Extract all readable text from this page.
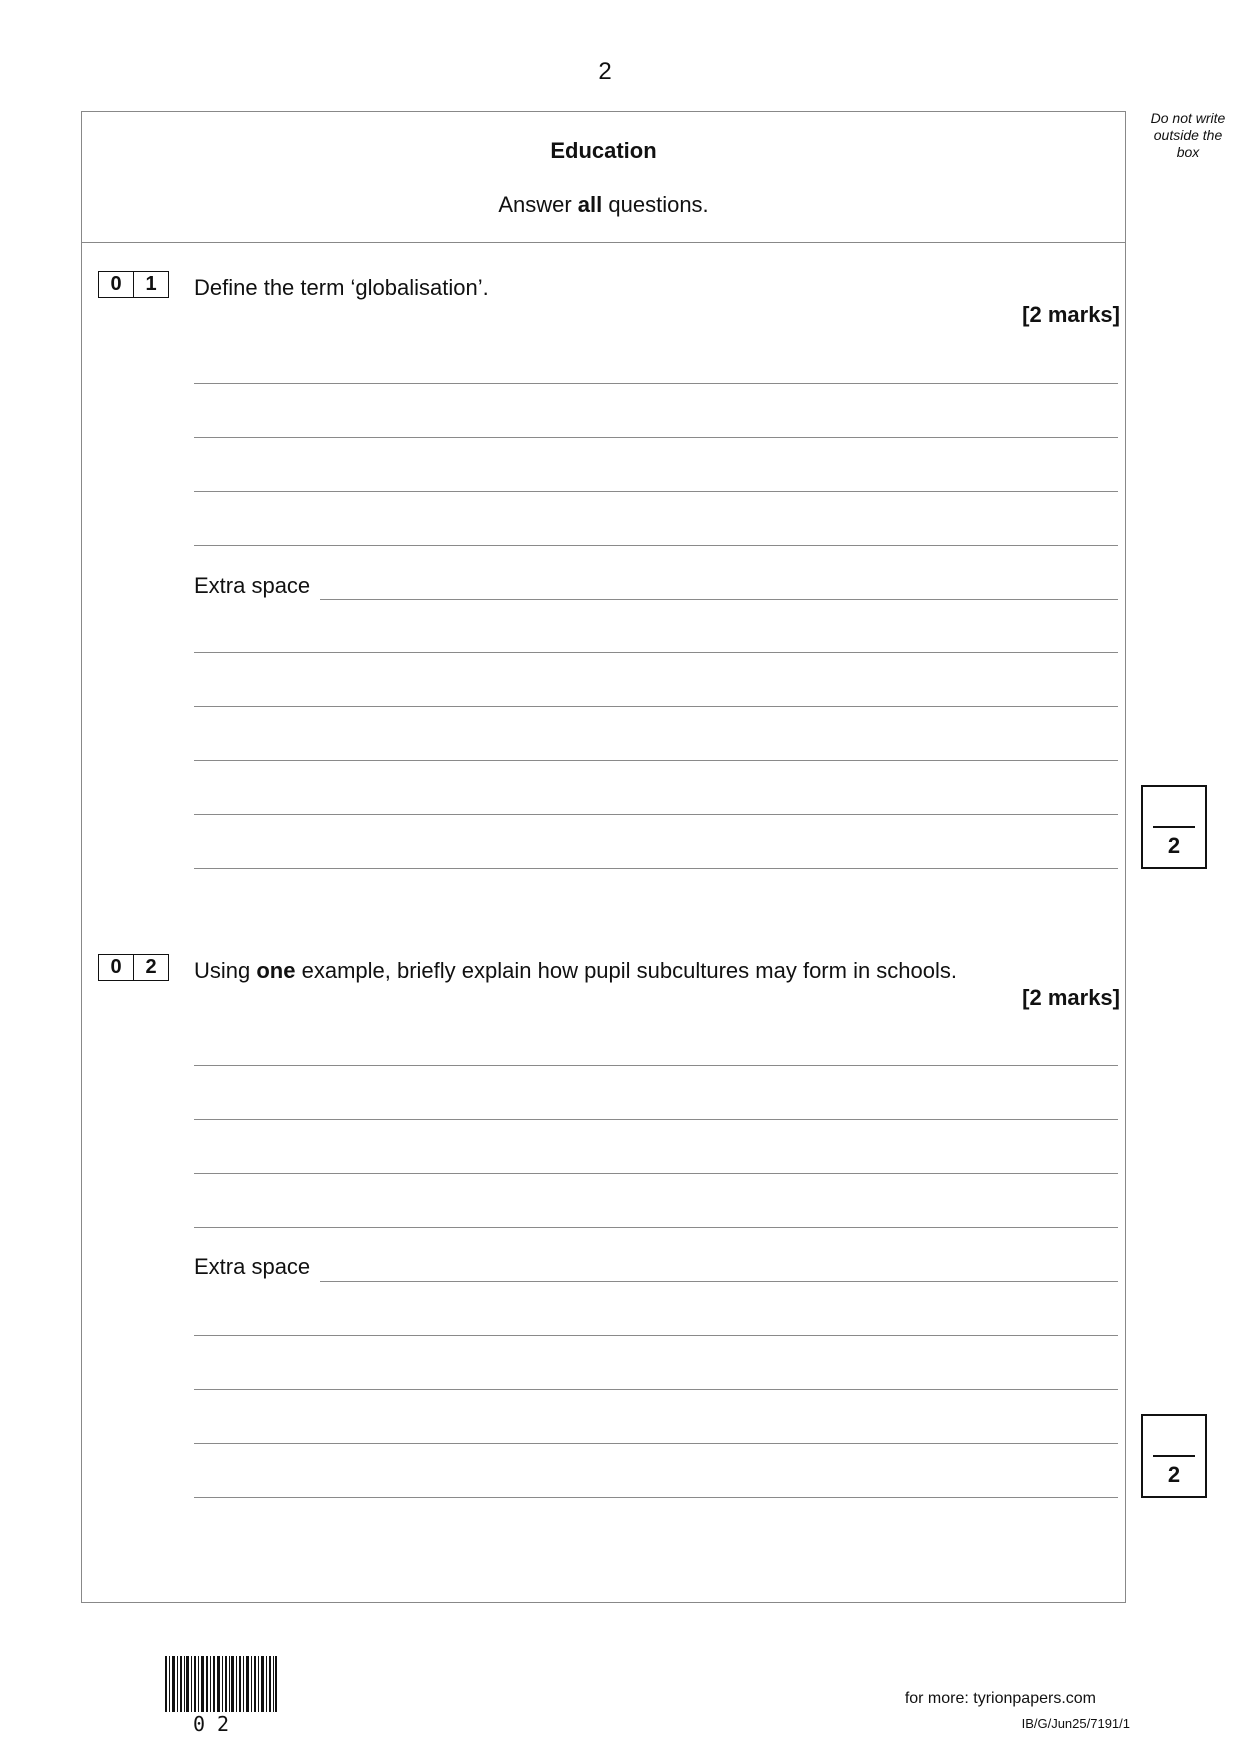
2
Do not write
outside the
box
Education
Answer all questions.
0	1	Define the term ‘globalisation’.
[2 marks]
Extra space
2
0	2	Using one example, briefly explain how pupil subcultures may form in schools.
[2 marks]
Extra space
2
02
for more: tyrionpapers.com
IB/G/Jun25/7191/1
